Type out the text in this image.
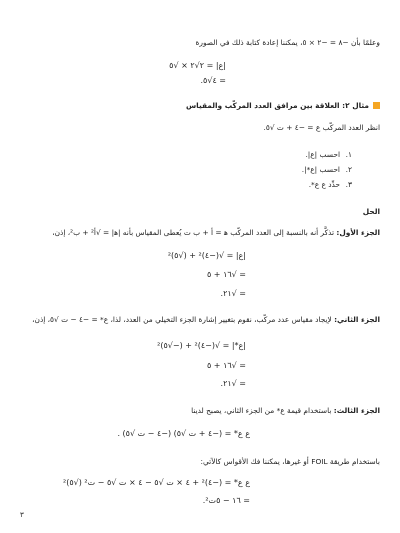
وعلمًا بأن −٨ = −٢ × ٥، يمكننا إعادة كتابة ذلك في الصورة
|ع| = ٢√٢ × √٥
= ٤√٥.
مثال ٢: العلاقة بين مرافق العدد المركّب والمقياس
انظر العدد المركّب ع = −٤ + ت √٥.
١.احسب |ع|.
٢.احسب |ع*|.
٣.حدِّد ع ع*.
الحل
الجزء الأول: تذكَّر أنه بالنسبة إلى العدد المركّب ﻫ = أ + ب ت يُعطى المقياس بأنه |ﻫ| = √أ² + ب²، إذن،
|ع| = √(−٤)² + (√٥)²
= √١٦ + ٥
= √٢١.
الجزء الثاني: لإيجاد مقياس عدد مركّب، نقوم بتغيير إشارة الجزء التخيلي من العدد، لذا، ع* = −٤ − ت √٥، إذن،
|ع*| = √(−٤)² + (−√٥)²
= √١٦ + ٥
= √٢١.
الجزء الثالث: باستخدام قيمة ع* من الجزء الثاني، يصبح لدينا
ع ع* = (−٤ + ت √٥) (−٤ − ت √٥) .
باستخدام طريقة FOIL أو غيرها، يمكننا فك الأقواس كالآتي:
ع ع* = (−٤)² + ٤ × ت √٥ − ٤ × ت √٥ − ت² (√٥)²
= ١٦ − ٥ت².
٣
